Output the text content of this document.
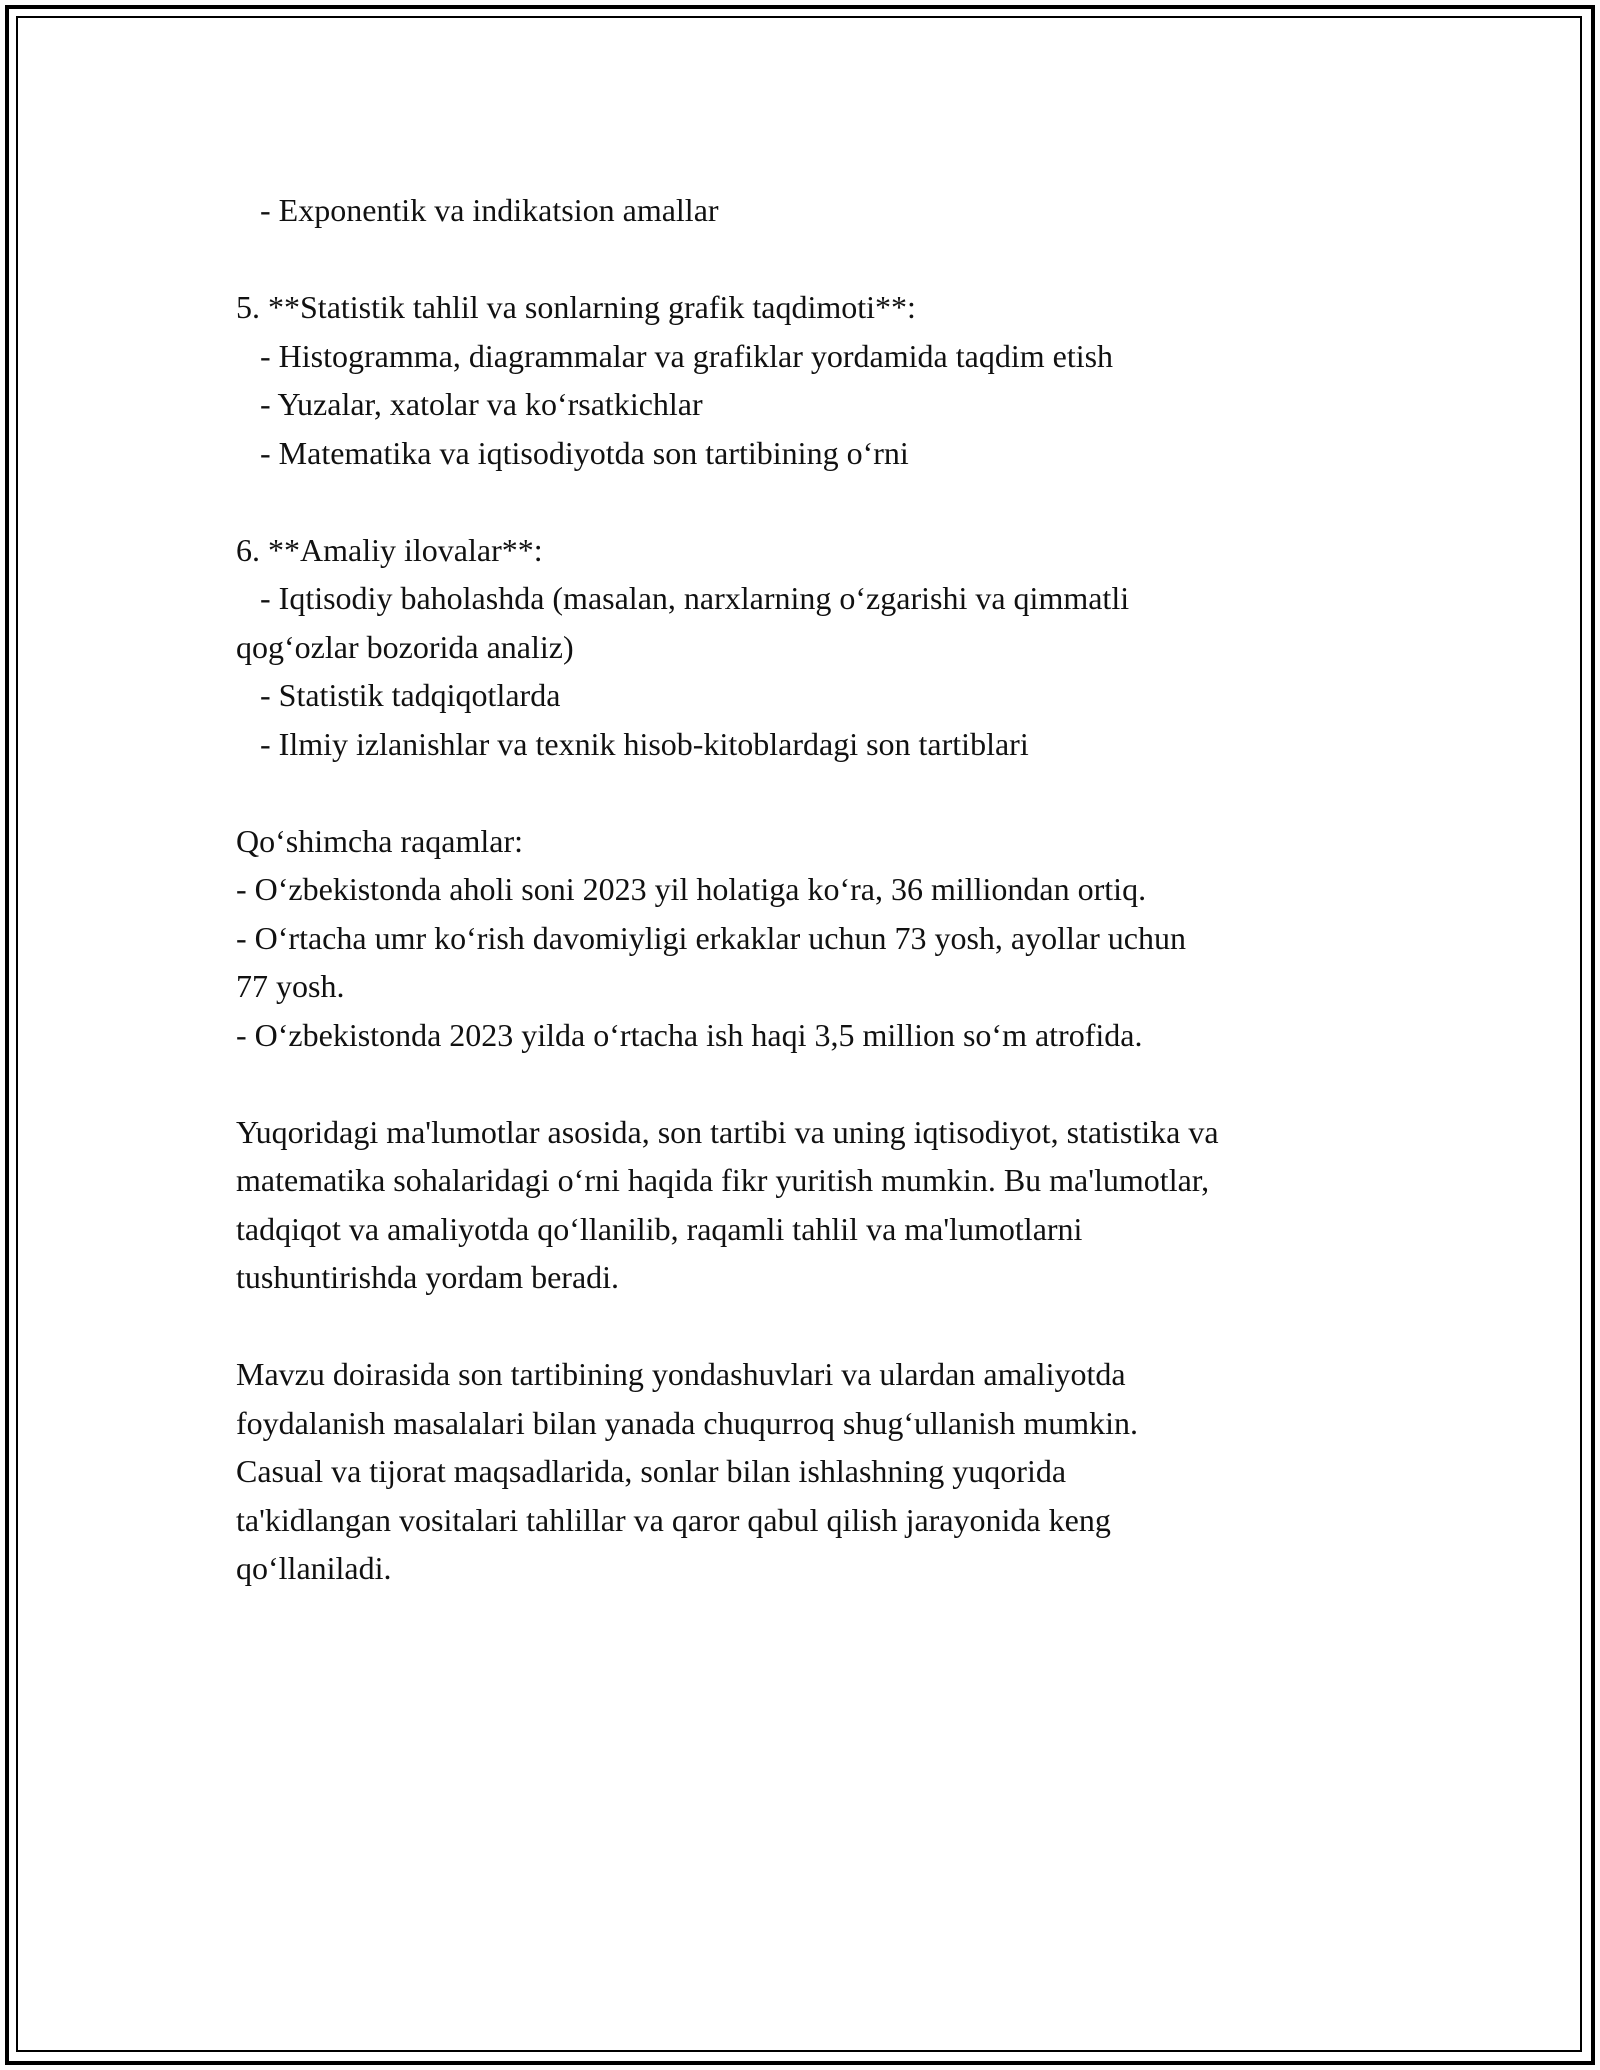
- Exponentik va indikatsion amallar

5. **Statistik tahlil va sonlarning grafik taqdimoti**:

- Histogramma, diagrammalar va grafiklar yordamida taqdim etish

- Yuzalar, xatolar va ko‘rsatkichlar

- Matematika va iqtisodiyotda son tartibining o‘rni

6. **Amaliy ilovalar**:

- Iqtisodiy baholashda (masalan, narxlarning o‘zgarishi va qimmatli

qog‘ozlar bozorida analiz)

- Statistik tadqiqotlarda

- Ilmiy izlanishlar va texnik hisob-kitoblardagi son tartiblari

Qo‘shimcha raqamlar:

- O‘zbekistonda aholi soni 2023 yil holatiga ko‘ra, 36 milliondan ortiq.

- O‘rtacha umr ko‘rish davomiyligi erkaklar uchun 73 yosh, ayollar uchun

77 yosh.

- O‘zbekistonda 2023 yilda o‘rtacha ish haqi 3,5 million so‘m atrofida.

Yuqoridagi ma'lumotlar asosida, son tartibi va uning iqtisodiyot, statistika va

matematika sohalaridagi o‘rni haqida fikr yuritish mumkin. Bu ma'lumotlar,

tadqiqot va amaliyotda qo‘llanilib, raqamli tahlil va ma'lumotlarni

tushuntirishda yordam beradi.

Mavzu doirasida son tartibining yondashuvlari va ulardan amaliyotda

foydalanish masalalari bilan yanada chuqurroq shug‘ullanish mumkin.

Casual va tijorat maqsadlarida, sonlar bilan ishlashning yuqorida

ta'kidlangan vositalari tahlillar va qaror qabul qilish jarayonida keng

qo‘llaniladi.
